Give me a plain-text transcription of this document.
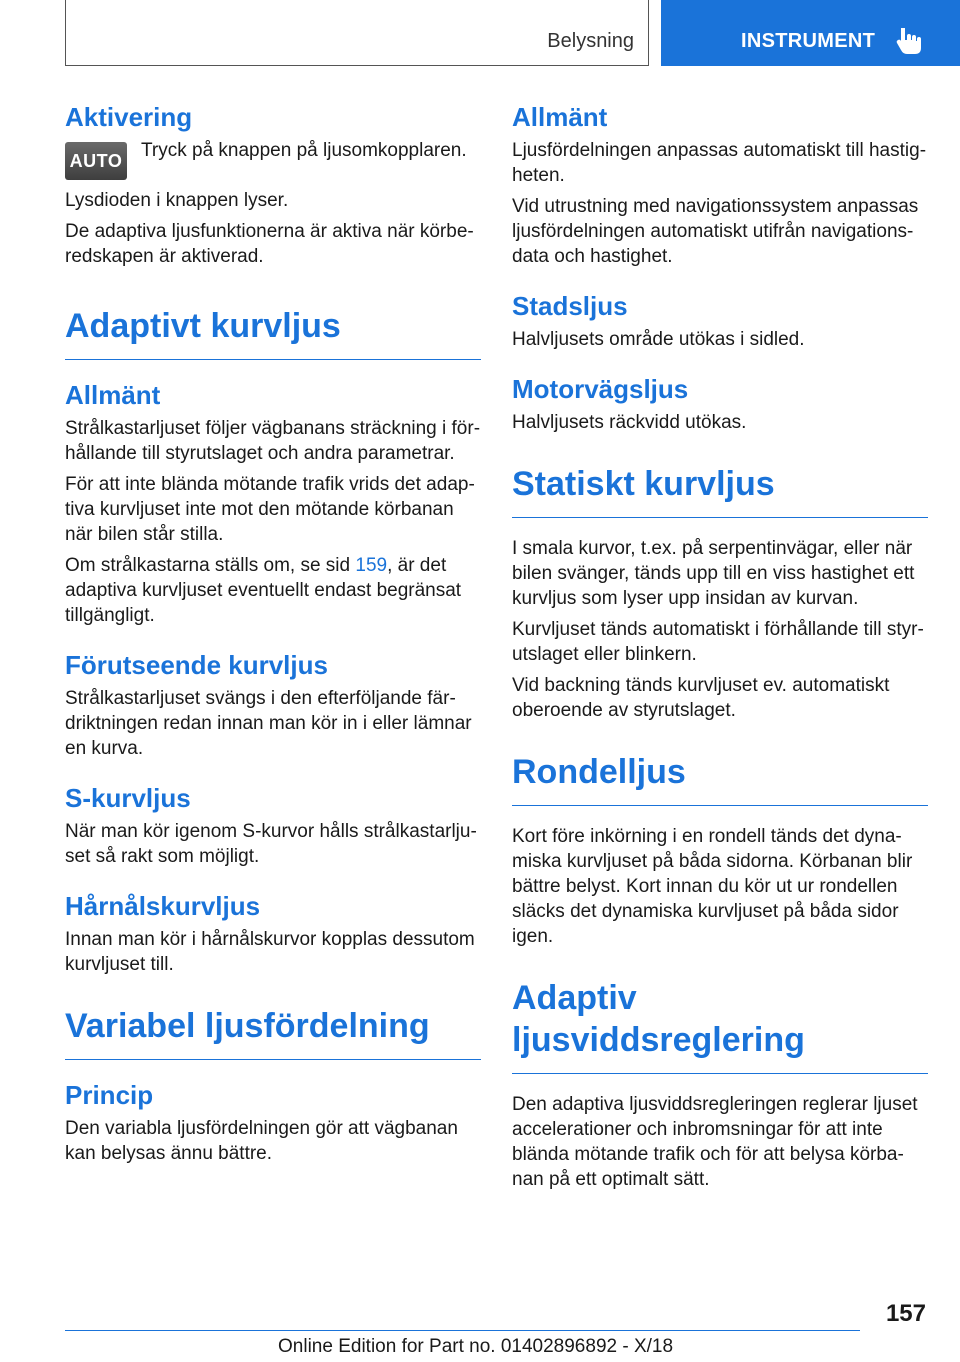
Belysning	INSTRUMENT
Aktivering
AUTO Tryck på knappen på ljusomkopplaren.

Lysdioden i knappen lyser.

De adaptiva ljusfunktionerna är aktiva när körberedskapen är aktiverad.

Adaptivt kurvljus
Allmänt

Strålkastarljuset följer vägbanans sträckning i förhållande till styrutslaget och andra parametrar.

För att inte blända mötande trafik vrids det adaptiva kurvljuset inte mot den mötande körbanan när bilen står stilla.

Om strålkastarna ställs om, se sid 159, är det adaptiva kurvljuset eventuellt endast begränsat tillgängligt.

Förutseende kurvljus

Strålkastarljuset svängs i den efterföljande färdriktningen redan innan man kör in i eller lämnar en kurva.

S-kurvljus

När man kör igenom S-kurvor hålls strålkastarljuset så rakt som möjligt.

Hårnålskurvljus

Innan man kör i hårnålskurvor kopplas dessutom kurvljuset till.

Variabel ljusfördelning
Princip

Den variabla ljusfördelningen gör att vägbanan kan belysas ännu bättre.

Allmänt

Ljusfördelningen anpassas automatiskt till hastigheten.

Vid utrustning med navigationssystem anpassas ljusfördelningen automatiskt utifrån navigationsdata och hastighet.

Stadsljus

Halvljusets område utökas i sidled.

Motorvägsljus

Halvljusets räckvidd utökas.

Statiskt kurvljus

I smala kurvor, t.ex. på serpentinvägar, eller när bilen svänger, tänds upp till en viss hastighet ett kurvljus som lyser upp insidan av kurvan.

Kurvljuset tänds automatiskt i förhållande till styrutslaget eller blinkern.

Vid backning tänds kurvljuset ev. automatiskt oberoende av styrutslaget.

Rondelljus

Kort före inkörning i en rondell tänds det dynamiska kurvljuset på båda sidorna. Körbanan blir bättre belyst. Kort innan du kör ut ur rondellen släcks det dynamiska kurvljuset på båda sidor igen.

Adaptiv ljusviddsreglering

Den adaptiva ljusviddsregleringen reglerar ljuset accelerationer och inbromsningar för att inte blända mötande trafik och för att belysa körbanan på ett optimalt sätt.

157
Online Edition for Part no. 01402896892 - X/18
